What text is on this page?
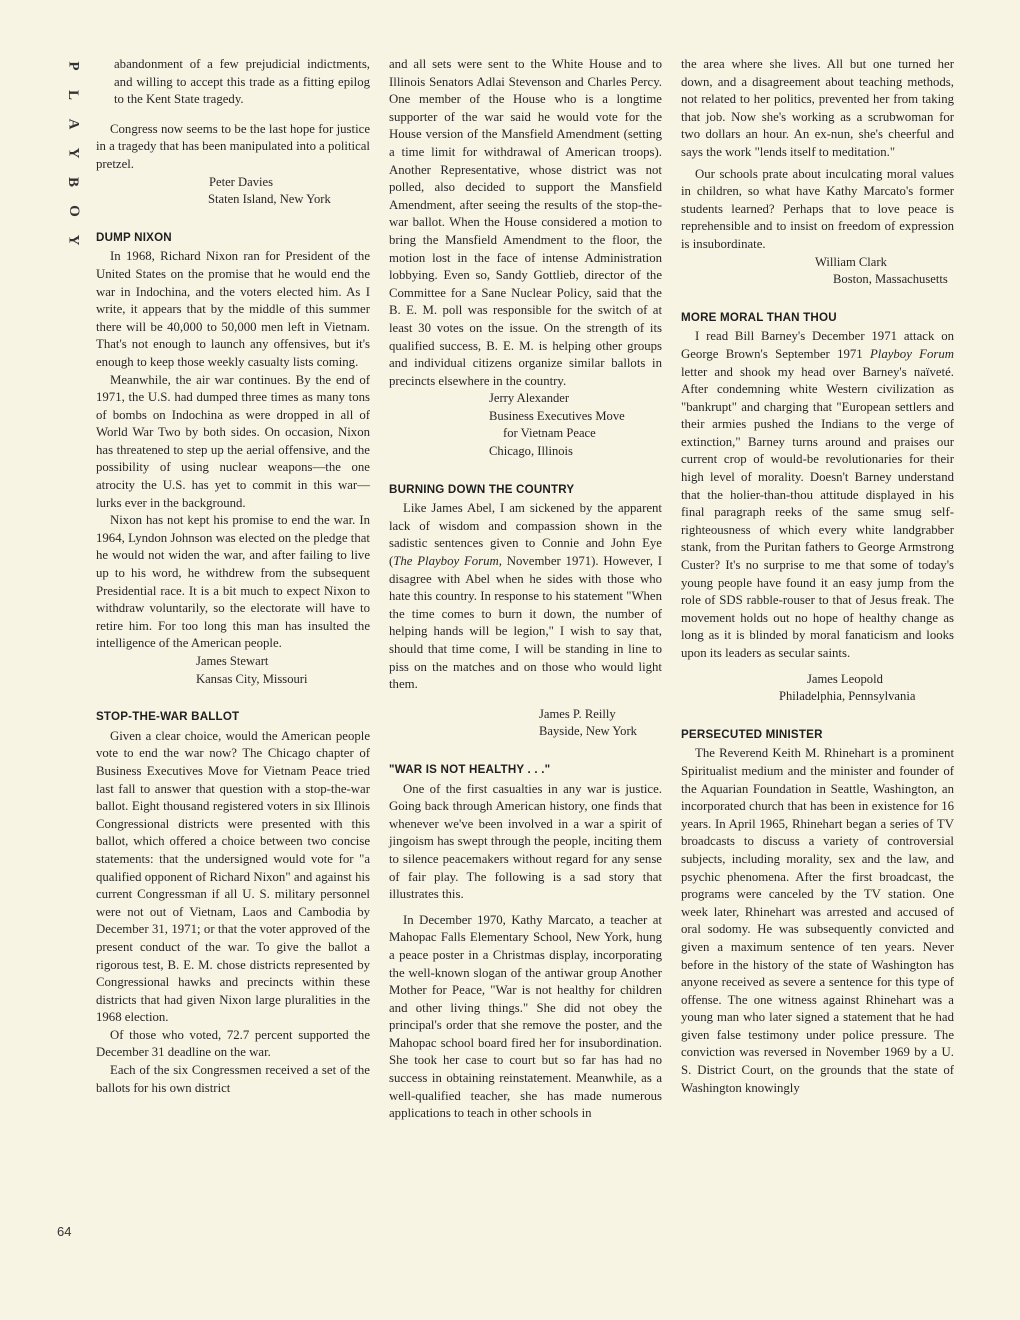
P
L
A
Y
B
O
Y
64

abandonment of a few prejudicial indictments, and willing to accept this trade as a fitting epilog to the Kent State tragedy.

Congress now seems to be the last hope for justice in a tragedy that has been manipulated into a political pretzel.

Peter Davies
Staten Island, New York
DUMP NIXON

In 1968, Richard Nixon ran for President of the United States on the promise that he would end the war in Indochina, and the voters elected him. As I write, it appears that by the middle of this summer there will be 40,000 to 50,000 men left in Vietnam. That's not enough to launch any offensives, but it's enough to keep those weekly casualty lists coming.

Meanwhile, the air war continues. By the end of 1971, the U.S. had dumped three times as many tons of bombs on Indochina as were dropped in all of World War Two by both sides. On occasion, Nixon has threatened to step up the aerial offensive, and the possibility of using nuclear weapons—the one atrocity the U.S. has yet to commit in this war—lurks ever in the background.

Nixon has not kept his promise to end the war. In 1964, Lyndon Johnson was elected on the pledge that he would not widen the war, and after failing to live up to his word, he withdrew from the subsequent Presidential race. It is a bit much to expect Nixon to withdraw voluntarily, so the electorate will have to retire him. For too long this man has insulted the intelligence of the American people.

James Stewart
Kansas City, Missouri
STOP-THE-WAR BALLOT

Given a clear choice, would the American people vote to end the war now? The Chicago chapter of Business Executives Move for Vietnam Peace tried last fall to answer that question with a stop-the-war ballot. Eight thousand registered voters in six Illinois Congressional districts were presented with this ballot, which offered a choice between two concise statements: that the undersigned would vote for "a qualified opponent of Richard Nixon" and against his current Congressman if all U. S. military personnel were not out of Vietnam, Laos and Cambodia by December 31, 1971; or that the voter approved of the present conduct of the war. To give the ballot a rigorous test, B. E. M. chose districts represented by Congressional hawks and precincts within these districts that had given Nixon large pluralities in the 1968 election.

Of those who voted, 72.7 percent supported the December 31 deadline on the war.

Each of the six Congressmen received a set of the ballots for his own district

and all sets were sent to the White House and to Illinois Senators Adlai Stevenson and Charles Percy. One member of the House who is a longtime supporter of the war said he would vote for the House version of the Mansfield Amendment (setting a time limit for withdrawal of American troops). Another Representative, whose district was not polled, also decided to support the Mansfield Amendment, after seeing the results of the stop-the-war ballot. When the House considered a motion to bring the Mansfield Amendment to the floor, the motion lost in the face of intense Administration lobbying. Even so, Sandy Gottlieb, director of the Committee for a Sane Nuclear Policy, said that the B. E. M. poll was responsible for the switch of at least 30 votes on the issue. On the strength of its qualified success, B. E. M. is helping other groups and individual citizens organize similar ballots in precincts elsewhere in the country.

Jerry Alexander
Business Executives Move
for Vietnam Peace
Chicago, Illinois
BURNING DOWN THE COUNTRY

Like James Abel, I am sickened by the apparent lack of wisdom and compassion shown in the sadistic sentences given to Connie and John Eye (The Playboy Forum, November 1971). However, I disagree with Abel when he sides with those who hate this country. In response to his statement "When the time comes to burn it down, the number of helping hands will be legion," I wish to say that, should that time come, I will be standing in line to piss on the matches and on those who would light them.

James P. Reilly
Bayside, New York
"WAR IS NOT HEALTHY . . ."

One of the first casualties in any war is justice. Going back through American history, one finds that whenever we've been involved in a war a spirit of jingoism has swept through the people, inciting them to silence peacemakers without regard for any sense of fair play. The following is a sad story that illustrates this.

In December 1970, Kathy Marcato, a teacher at Mahopac Falls Elementary School, New York, hung a peace poster in a Christmas display, incorporating the well-known slogan of the antiwar group Another Mother for Peace, "War is not healthy for children and other living things." She did not obey the principal's order that she remove the poster, and the Mahopac school board fired her for insubordination. She took her case to court but so far has had no success in obtaining reinstatement. Meanwhile, as a well-qualified teacher, she has made numerous applications to teach in other schools in

the area where she lives. All but one turned her down, and a disagreement about teaching methods, not related to her politics, prevented her from taking that job. Now she's working as a scrubwoman for two dollars an hour. An ex-nun, she's cheerful and says the work "lends itself to meditation."

Our schools prate about inculcating moral values in children, so what have Kathy Marcato's former students learned? Perhaps that to love peace is reprehensible and to insist on freedom of expression is insubordinate.

William Clark
Boston, Massachusetts
MORE MORAL THAN THOU

I read Bill Barney's December 1971 attack on George Brown's September 1971 Playboy Forum letter and shook my head over Barney's naïveté. After condemning white Western civilization as "bankrupt" and charging that "European settlers and their armies pushed the Indians to the verge of extinction," Barney turns around and praises our current crop of would-be revolutionaries for their high level of morality. Doesn't Barney understand that the holier-than-thou attitude displayed in his final paragraph reeks of the same smug self-righteousness of which every white landgrabber stank, from the Puritan fathers to George Armstrong Custer? It's no surprise to me that some of today's young people have found it an easy jump from the role of SDS rabble-rouser to that of Jesus freak. The movement holds out no hope of healthy change as long as it is blinded by moral fanaticism and looks upon its leaders as secular saints.

James Leopold
Philadelphia, Pennsylvania
PERSECUTED MINISTER

The Reverend Keith M. Rhinehart is a prominent Spiritualist medium and the minister and founder of the Aquarian Foundation in Seattle, Washington, an incorporated church that has been in existence for 16 years. In April 1965, Rhinehart began a series of TV broadcasts to discuss a variety of controversial subjects, including morality, sex and the law, and psychic phenomena. After the first broadcast, the programs were canceled by the TV station. One week later, Rhinehart was arrested and accused of oral sodomy. He was subsequently convicted and given a maximum sentence of ten years. Never before in the history of the state of Washington has anyone received as severe a sentence for this type of offense. The one witness against Rhinehart was a young man who later signed a statement that he had given false testimony under police pressure. The conviction was reversed in November 1969 by a U. S. District Court, on the grounds that the state of Washington knowingly
